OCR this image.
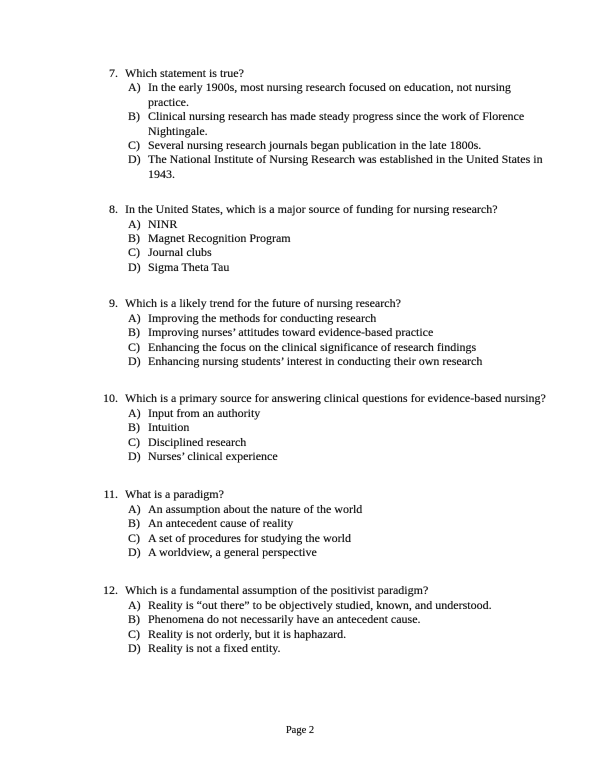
7. Which statement is true?
A) In the early 1900s, most nursing research focused on education, not nursing practice.
B) Clinical nursing research has made steady progress since the work of Florence Nightingale.
C) Several nursing research journals began publication in the late 1800s.
D) The National Institute of Nursing Research was established in the United States in 1943.
8. In the United States, which is a major source of funding for nursing research?
A) NINR
B) Magnet Recognition Program
C) Journal clubs
D) Sigma Theta Tau
9. Which is a likely trend for the future of nursing research?
A) Improving the methods for conducting research
B) Improving nurses’ attitudes toward evidence-based practice
C) Enhancing the focus on the clinical significance of research findings
D) Enhancing nursing students’ interest in conducting their own research
10. Which is a primary source for answering clinical questions for evidence-based nursing?
A) Input from an authority
B) Intuition
C) Disciplined research
D) Nurses’ clinical experience
11. What is a paradigm?
A) An assumption about the nature of the world
B) An antecedent cause of reality
C) A set of procedures for studying the world
D) A worldview, a general perspective
12. Which is a fundamental assumption of the positivist paradigm?
A) Reality is “out there” to be objectively studied, known, and understood.
B) Phenomena do not necessarily have an antecedent cause.
C) Reality is not orderly, but it is haphazard.
D) Reality is not a fixed entity.
Page 2
